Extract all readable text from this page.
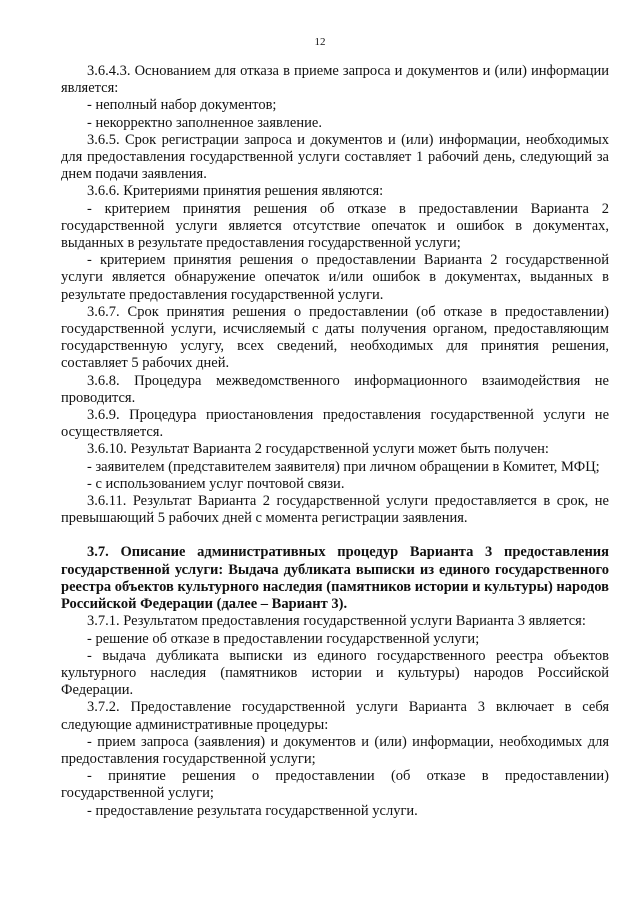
12

3.6.4.3. Основанием для отказа в приеме запроса и документов и (или) информации является:

- неполный набор документов;

- некорректно заполненное заявление.

3.6.5. Срок регистрации запроса и документов и (или) информации, необходимых для предоставления государственной услуги составляет 1 рабочий день, следующий за днем подачи заявления.

3.6.6. Критериями принятия решения являются:

- критерием принятия решения об отказе в предоставлении Варианта 2 государственной услуги является отсутствие опечаток и ошибок в документах, выданных в результате предоставления государственной услуги;

- критерием принятия решения о предоставлении Варианта 2 государственной услуги является обнаружение опечаток и/или ошибок в документах, выданных в результате предоставления государственной услуги.

3.6.7. Срок принятия решения о предоставлении (об отказе в предоставлении) государственной услуги, исчисляемый с даты получения органом, предоставляющим государственную услугу, всех сведений, необходимых для принятия решения, составляет 5 рабочих дней.

3.6.8. Процедура межведомственного информационного взаимодействия не проводится.

3.6.9. Процедура приостановления предоставления государственной услуги не осуществляется.

3.6.10. Результат Варианта 2 государственной услуги может быть получен:

- заявителем (представителем заявителя) при личном обращении в Комитет, МФЦ;

- с использованием услуг почтовой связи.

3.6.11. Результат Варианта 2 государственной услуги предоставляется в срок, не превышающий 5 рабочих дней с момента регистрации заявления.

3.7. Описание административных процедур Варианта 3 предоставления государственной услуги: Выдача дубликата выписки из единого государственного реестра объектов культурного наследия (памятников истории и культуры) народов Российской Федерации (далее – Вариант 3).

3.7.1. Результатом предоставления государственной услуги Варианта 3 является:

- решение об отказе в предоставлении государственной услуги;

- выдача дубликата выписки из единого государственного реестра объектов культурного наследия (памятников истории и культуры) народов Российской Федерации.

3.7.2. Предоставление государственной услуги Варианта 3 включает в себя следующие административные процедуры:

- прием запроса (заявления) и документов и (или) информации, необходимых для предоставления государственной услуги;

- принятие решения о предоставлении (об отказе в предоставлении) государственной услуги;

- предоставление результата государственной услуги.
